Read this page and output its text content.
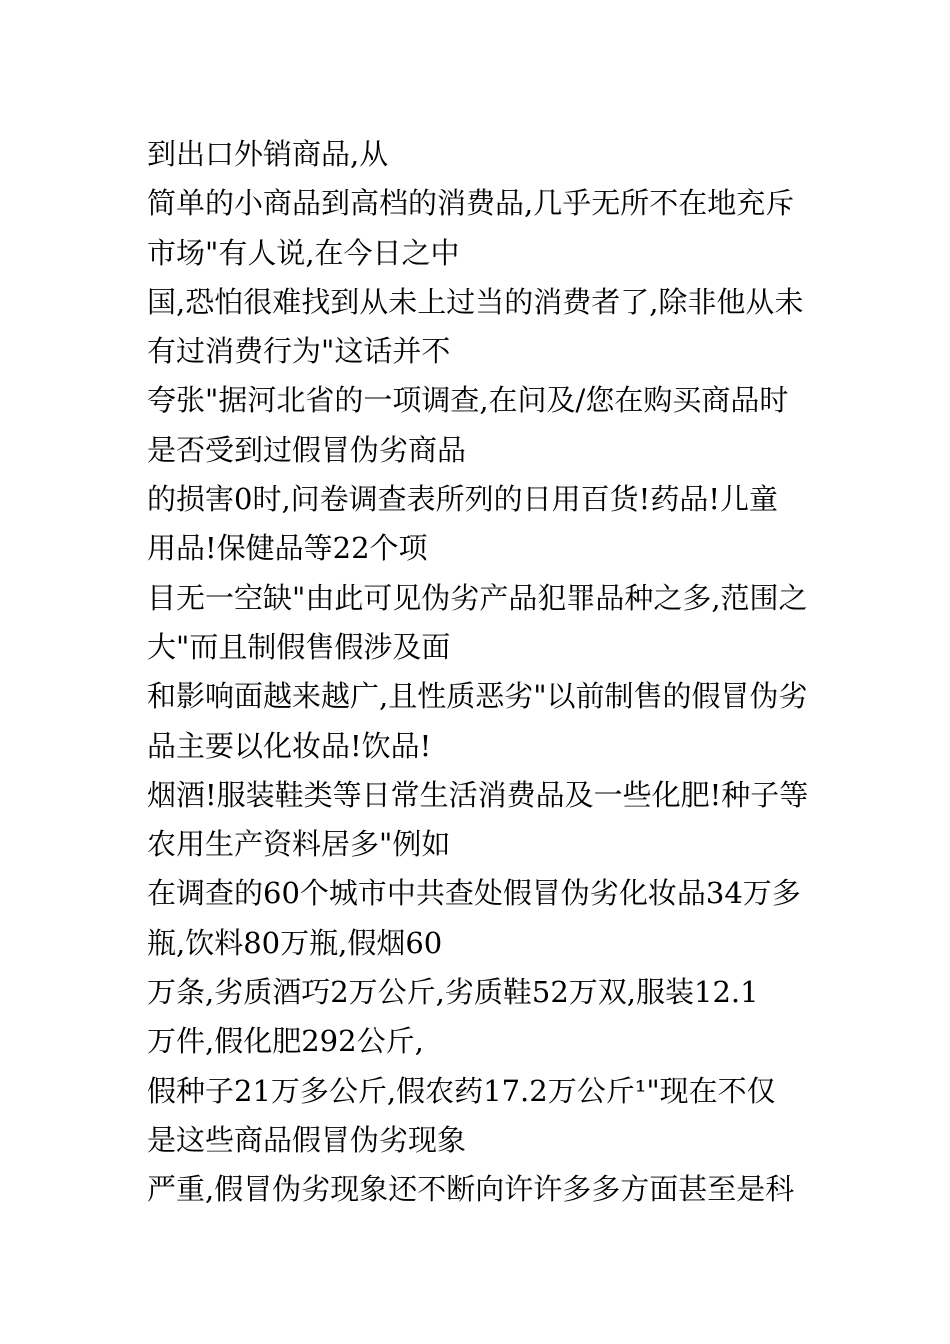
到出口外销商品,从
简单的小商品到高档的消费品,几乎无所不在地充斥
市场"有人说,在今日之中
国,恐怕很难找到从未上过当的消费者了,除非他从未
有过消费行为"这话并不
夸张"据河北省的一项调查,在问及/您在购买商品时
是否受到过假冒伪劣商品
的损害0时,问卷调查表所列的日用百货!药品!儿童
用品!保健品等22个项
目无一空缺"由此可见伪劣产品犯罪品种之多,范围之
大"而且制假售假涉及面
和影响面越来越广,且性质恶劣"以前制售的假冒伪劣
品主要以化妆品!饮品!
烟酒!服装鞋类等日常生活消费品及一些化肥!种子等
农用生产资料居多"例如
在调查的60个城市中共查处假冒伪劣化妆品34万多
瓶,饮料80万瓶,假烟60
万条,劣质酒巧2万公斤,劣质鞋52万双,服装12.1
万件,假化肥292公斤,
假种子21万多公斤,假农药17.2万公斤¹"现在不仅
是这些商品假冒伪劣现象
严重,假冒伪劣现象还不断向许许多多方面甚至是科
